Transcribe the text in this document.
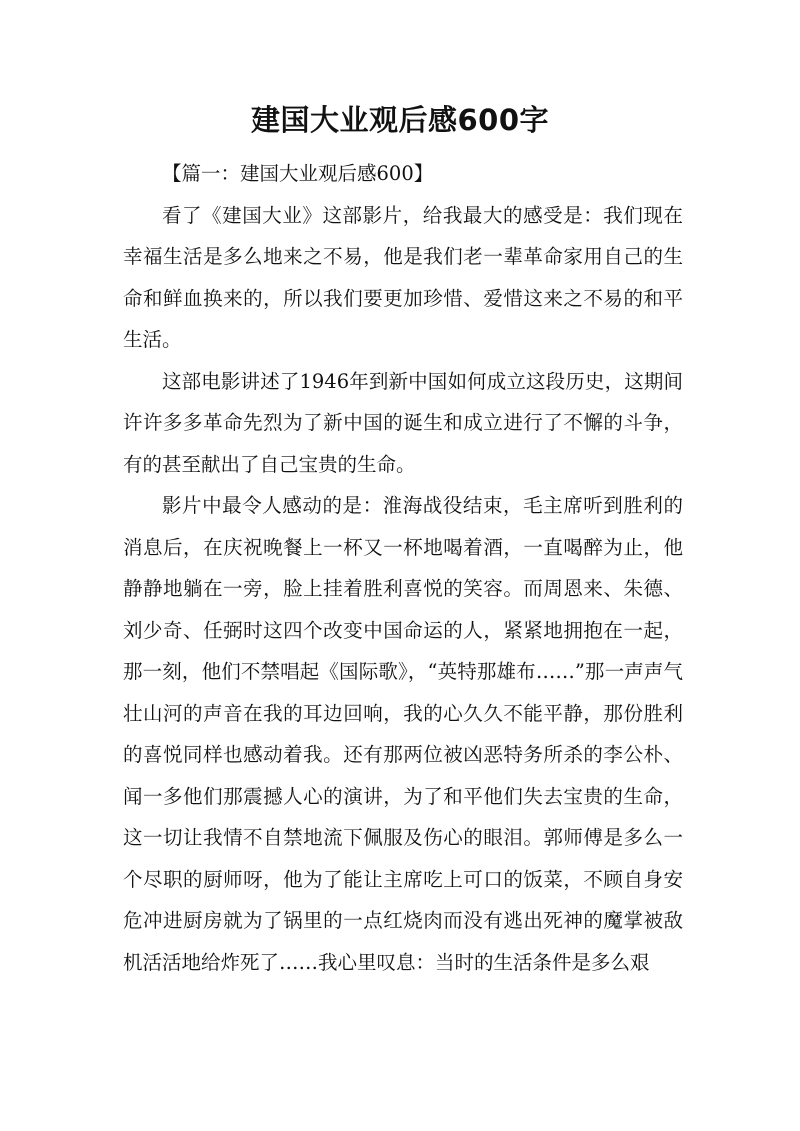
建国大业观后感600字
【篇一：建国大业观后感600】

看了《建国大业》这部影片，给我最大的感受是：我们现在幸福生活是多么地来之不易，他是我们老一辈革命家用自己的生命和鲜血换来的，所以我们要更加珍惜、爱惜这来之不易的和平生活。

这部电影讲述了1946年到新中国如何成立这段历史，这期间许许多多革命先烈为了新中国的诞生和成立进行了不懈的斗争，有的甚至献出了自己宝贵的生命。

影片中最令人感动的是：淮海战役结束，毛主席听到胜利的消息后，在庆祝晚餐上一杯又一杯地喝着酒，一直喝醉为止，他静静地躺在一旁，脸上挂着胜利喜悦的笑容。而周恩来、朱德、刘少奇、任弼时这四个改变中国命运的人，紧紧地拥抱在一起，那一刻，他们不禁唱起《国际歌》，“英特那雄布……”那一声声气壮山河的声音在我的耳边回响，我的心久久不能平静，那份胜利的喜悦同样也感动着我。还有那两位被凶恶特务所杀的李公朴、闻一多他们那震撼人心的演讲，为了和平他们失去宝贵的生命，这一切让我情不自禁地流下佩服及伤心的眼泪。郭师傅是多么一个尽职的厨师呀，他为了能让主席吃上可口的饭菜，不顾自身安危冲进厨房就为了锅里的一点红烧肉而没有逃出死神的魔掌被敌机活活地给炸死了……我心里叹息：当时的生活条件是多么艰
